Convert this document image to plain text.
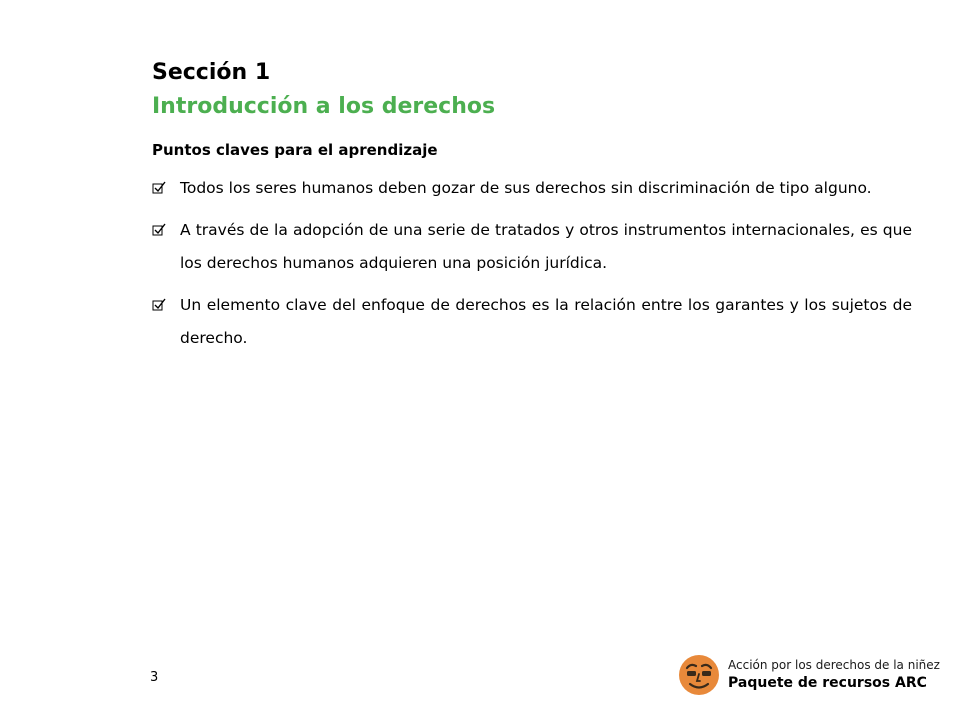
Sección 1
Introducción a los derechos
Puntos claves para el aprendizaje
Todos los seres humanos deben gozar de sus derechos sin discriminación de tipo alguno.
A través de la adopción de una serie de tratados y otros instrumentos internacionales, es que los derechos humanos adquieren una posición jurídica.
Un elemento clave del enfoque de derechos es la relación entre los garantes y los sujetos de derecho.
3
Acción por los derechos de la niñez
Paquete de recursos ARC
